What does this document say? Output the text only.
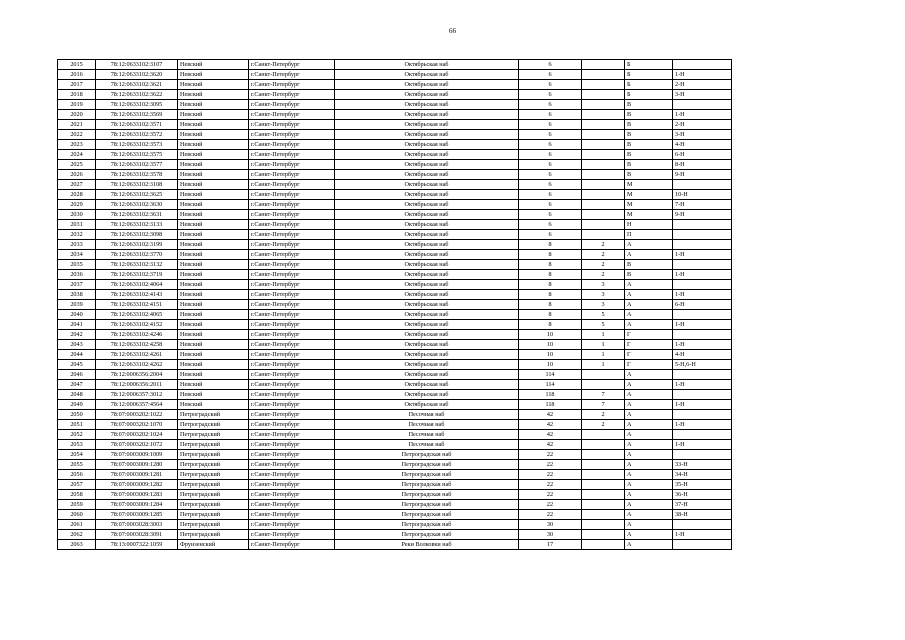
66
2015	78:12:0633102:3107	Невский	г.Санкт-Петербург	Октябрьская наб	6		Б	
2016	78:12:0633102:3620	Невский	г.Санкт-Петербург	Октябрьская наб	6		Б	1-Н
2017	78:12:0633102:3621	Невский	г.Санкт-Петербург	Октябрьская наб	6		Б	2-Н
2018	78:12:0633102:3622	Невский	г.Санкт-Петербург	Октябрьская наб	6		Б	3-Н
2019	78:12:0633102:3095	Невский	г.Санкт-Петербург	Октябрьская наб	6		В	
2020	78:12:0633102:3569	Невский	г.Санкт-Петербург	Октябрьская наб	6		В	1-Н
2021	78:12:0633102:3571	Невский	г.Санкт-Петербург	Октябрьская наб	6		В	2-Н
2022	78:12:0633102:3572	Невский	г.Санкт-Петербург	Октябрьская наб	6		В	3-Н
2023	78:12:0633102:3573	Невский	г.Санкт-Петербург	Октябрьская наб	6		В	4-Н
2024	78:12:0633102:3575	Невский	г.Санкт-Петербург	Октябрьская наб	6		В	6-Н
2025	78:12:0633102:3577	Невский	г.Санкт-Петербург	Октябрьская наб	6		В	8-Н
2026	78:12:0633102:3578	Невский	г.Санкт-Петербург	Октябрьская наб	6		В	9-Н
2027	78:12:0633102:3108	Невский	г.Санкт-Петербург	Октябрьская наб	6		М	
2028	78:12:0633102:3625	Невский	г.Санкт-Петербург	Октябрьская наб	6		М	10-Н
2029	78:12:0633102:3630	Невский	г.Санкт-Петербург	Октябрьская наб	6		М	7-Н
2030	78:12:0633102:3631	Невский	г.Санкт-Петербург	Октябрьская наб	6		М	9-Н
2031	78:12:0633102:3133	Невский	г.Санкт-Петербург	Октябрьская наб	6		Н	
2032	78:12:0633102:3098	Невский	г.Санкт-Петербург	Октябрьская наб	6		П	
2033	78:12:0633102:3199	Невский	г.Санкт-Петербург	Октябрьская наб	8	2	А	
2034	78:12:0633102:3770	Невский	г.Санкт-Петербург	Октябрьская наб	8	2	А	1-Н
2035	78:12:0633102:3132	Невский	г.Санкт-Петербург	Октябрьская наб	8	2	В	
2036	78:12:0633102:3719	Невский	г.Санкт-Петербург	Октябрьская наб	8	2	В	1-Н
2037	78:12:0633102:4064	Невский	г.Санкт-Петербург	Октябрьская наб	8	3	А	
2038	78:12:0633102:4143	Невский	г.Санкт-Петербург	Октябрьская наб	8	3	А	1-Н
2039	78:12:0633102:4151	Невский	г.Санкт-Петербург	Октябрьская наб	8	3	А	6-Н
2040	78:12:0633102:4065	Невский	г.Санкт-Петербург	Октябрьская наб	8	5	А	
2041	78:12:0633102:4152	Невский	г.Санкт-Петербург	Октябрьская наб	8	5	А	1-Н
2042	78:12:0633102:4246	Невский	г.Санкт-Петербург	Октябрьская наб	10	1	Г	
2043	78:12:0633102:4258	Невский	г.Санкт-Петербург	Октябрьская наб	10	1	Г	1-Н
2044	78:12:0633102:4261	Невский	г.Санкт-Петербург	Октябрьская наб	10	1	Г	4-Н
2045	78:12:0633102:4262	Невский	г.Санкт-Петербург	Октябрьская наб	10	1	Г	5-Н,6-Н
2046	78:12:0006356:2004	Невский	г.Санкт-Петербург	Октябрьская наб	114		А	
2047	78:12:0006356:2011	Невский	г.Санкт-Петербург	Октябрьская наб	114		А	1-Н
2048	78:12:0006357:3012	Невский	г.Санкт-Петербург	Октябрьская наб	118	7	А	
2049	78:12:0006357:4564	Невский	г.Санкт-Петербург	Октябрьская наб	118	7	А	1-Н
2050	78:07:0003202:1022	Петроградский	г.Санкт-Петербург	Песочная наб	42	2	А	
2051	78:07:0003202:1070	Петроградский	г.Санкт-Петербург	Песочная наб	42	2	А	1-Н
2052	78:07:0003202:1024	Петроградский	г.Санкт-Петербург	Песочная наб	42		А	
2053	78:07:0003202:1072	Петроградский	г.Санкт-Петербург	Песочная наб	42		А	1-Н
2054	78:07:0003009:1009	Петроградский	г.Санкт-Петербург	Петроградская наб	22		А	
2055	78:07:0003009:1280	Петроградский	г.Санкт-Петербург	Петроградская наб	22		А	33-Н
2056	78:07:0003009:1281	Петроградский	г.Санкт-Петербург	Петроградская наб	22		А	34-Н
2057	78:07:0003009:1282	Петроградский	г.Санкт-Петербург	Петроградская наб	22		А	35-Н
2058	78:07:0003009:1283	Петроградский	г.Санкт-Петербург	Петроградская наб	22		А	36-Н
2059	78:07:0003009:1284	Петроградский	г.Санкт-Петербург	Петроградская наб	22		А	37-Н
2060	78:07:0003009:1285	Петроградский	г.Санкт-Петербург	Петроградская наб	22		А	38-Н
2061	78:07:0003028:3003	Петроградский	г.Санкт-Петербург	Петроградская наб	30		А	
2062	78:07:0003028:3091	Петроградский	г.Санкт-Петербург	Петроградская наб	30		А	1-Н
2063	78:13:0007322:1059	Фрунзенский	г.Санкт-Петербург	Реки Волковки наб	17		А	
